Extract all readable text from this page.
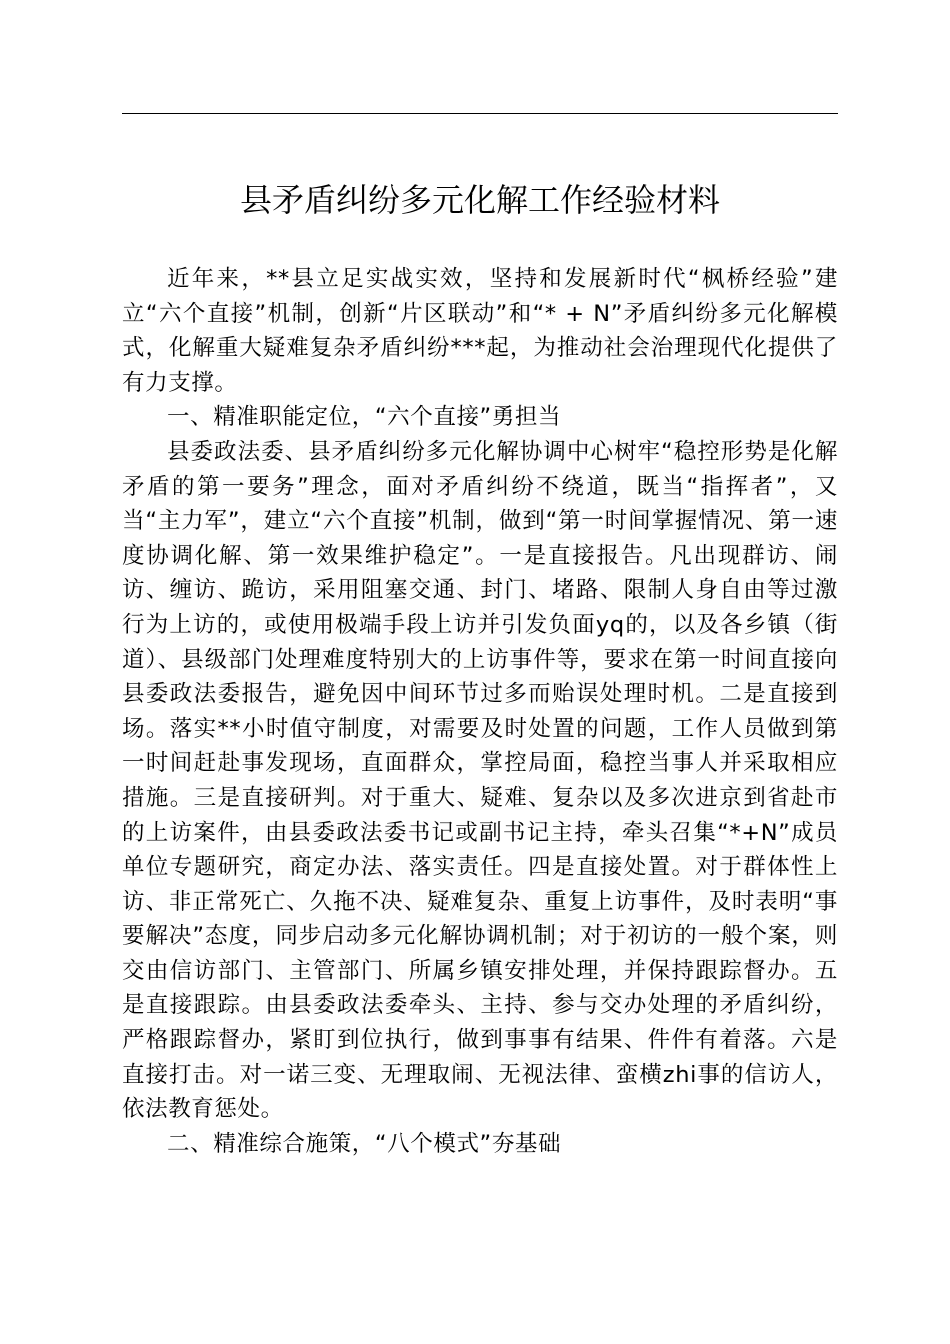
县矛盾纠纷多元化解工作经验材料

近年来，**县立足实战实效，坚持和发展新时代“枫桥经验”建立“六个直接”机制，创新“片区联动”和“* + N”矛盾纠纷多元化解模式，化解重大疑难复杂矛盾纠纷***起，为推动社会治理现代化提供了有力支撑。

一、精准职能定位，“六个直接”勇担当

县委政法委、县矛盾纠纷多元化解协调中心树牢“稳控形势是化解矛盾的第一要务”理念，面对矛盾纠纷不绕道，既当“指挥者”，又当“主力军”，建立“六个直接”机制，做到“第一时间掌握情况、第一速度协调化解、第一效果维护稳定”。一是直接报告。凡出现群访、闹访、缠访、跪访，采用阻塞交通、封门、堵路、限制人身自由等过激行为上访的，或使用极端手段上访并引发负面yq的，以及各乡镇（街道）、县级部门处理难度特别大的上访事件等，要求在第一时间直接向县委政法委报告，避免因中间环节过多而贻误处理时机。二是直接到场。落实**小时值守制度，对需要及时处置的问题，工作人员做到第一时间赶赴事发现场，直面群众，掌控局面，稳控当事人并采取相应措施。三是直接研判。对于重大、疑难、复杂以及多次进京到省赴市的上访案件，由县委政法委书记或副书记主持，牵头召集“*+N”成员单位专题研究，商定办法、落实责任。四是直接处置。对于群体性上访、非正常死亡、久拖不决、疑难复杂、重复上访事件，及时表明“事要解决”态度，同步启动多元化解协调机制；对于初访的一般个案，则交由信访部门、主管部门、所属乡镇安排处理，并保持跟踪督办。五是直接跟踪。由县委政法委牵头、主持、参与交办处理的矛盾纠纷，严格跟踪督办，紧盯到位执行，做到事事有结果、件件有着落。六是直接打击。对一诺三变、无理取闹、无视法律、蛮横zhi事的信访人，依法教育惩处。

二、精准综合施策，“八个模式”夯基础
